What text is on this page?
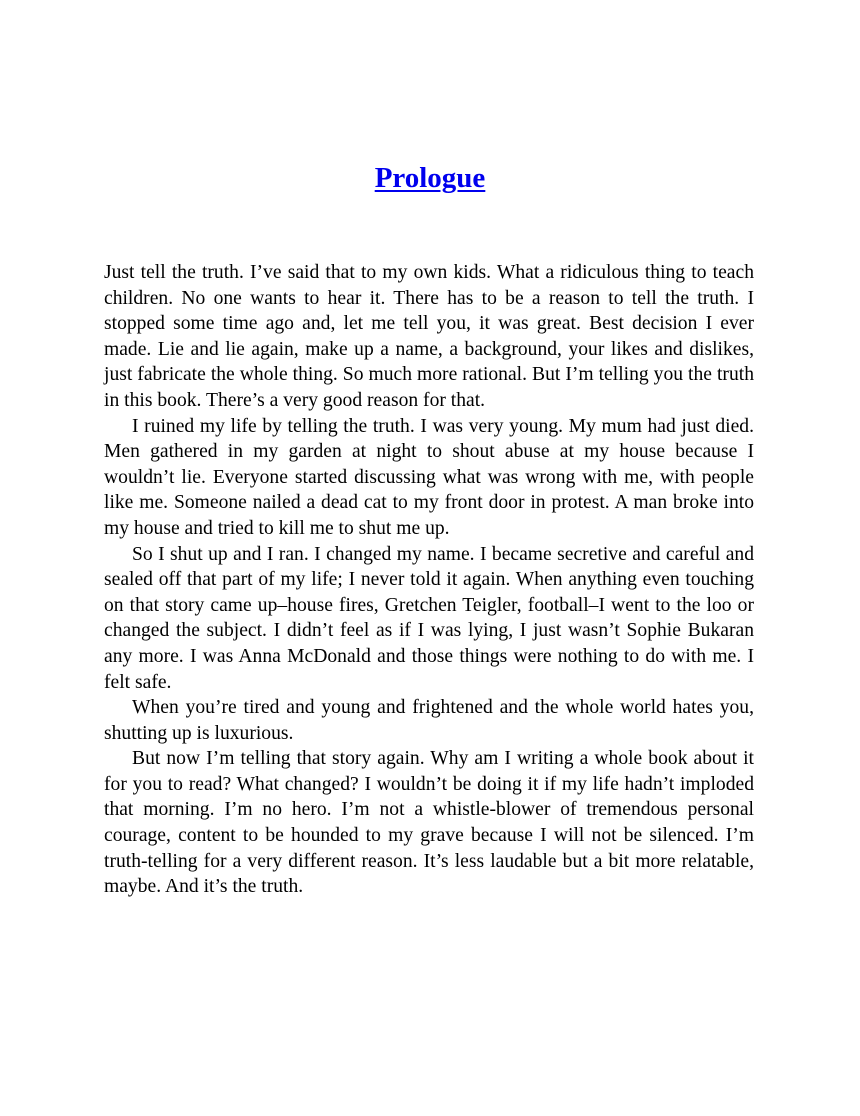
Prologue

Just tell the truth. I’ve said that to my own kids. What a ridiculous thing to teach children. No one wants to hear it. There has to be a reason to tell the truth. I stopped some time ago and, let me tell you, it was great. Best decision I ever made. Lie and lie again, make up a name, a background, your likes and dislikes, just fabricate the whole thing. So much more rational. But I’m telling you the truth in this book. There’s a very good reason for that.

I ruined my life by telling the truth. I was very young. My mum had just died. Men gathered in my garden at night to shout abuse at my house because I wouldn’t lie. Everyone started discussing what was wrong with me, with people like me. Someone nailed a dead cat to my front door in protest. A man broke into my house and tried to kill me to shut me up.

So I shut up and I ran. I changed my name. I became secretive and careful and sealed off that part of my life; I never told it again. When anything even touching on that story came up–house fires, Gretchen Teigler, football–I went to the loo or changed the subject. I didn’t feel as if I was lying, I just wasn’t Sophie Bukaran any more. I was Anna McDonald and those things were nothing to do with me. I felt safe.

When you’re tired and young and frightened and the whole world hates you, shutting up is luxurious.

But now I’m telling that story again. Why am I writing a whole book about it for you to read? What changed? I wouldn’t be doing it if my life hadn’t imploded that morning. I’m no hero. I’m not a whistle-blower of tremendous personal courage, content to be hounded to my grave because I will not be silenced. I’m truth-telling for a very different reason. It’s less laudable but a bit more relatable, maybe. And it’s the truth.
